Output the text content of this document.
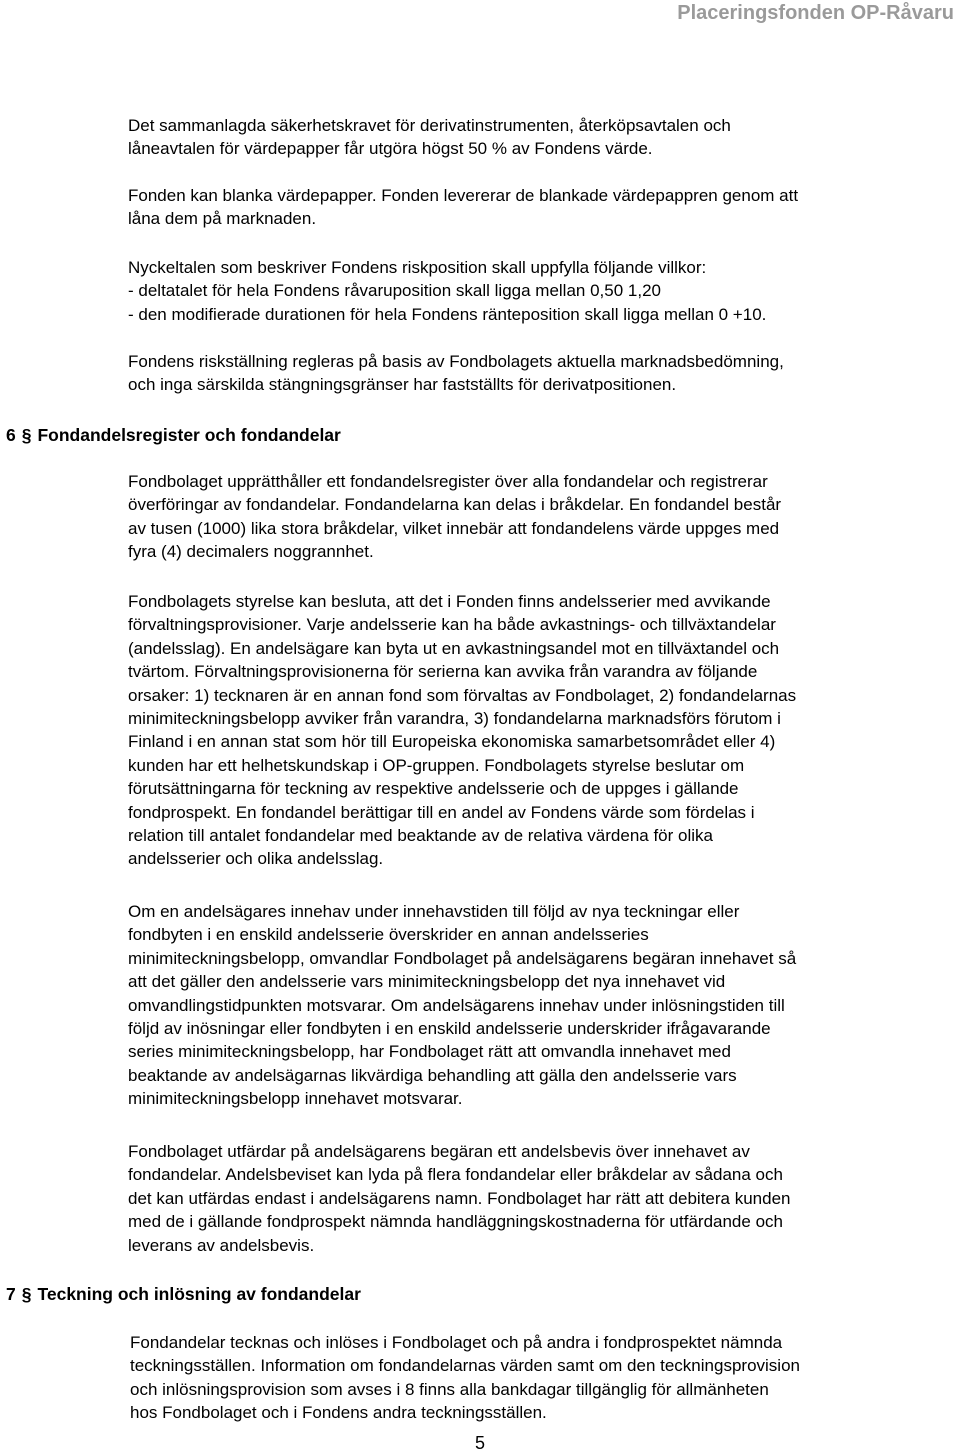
Placeringsfonden OP-Råvaru
Det sammanlagda säkerhetskravet för derivatinstrumenten, återköpsavtalen och
låneavtalen för värdepapper får utgöra högst 50 % av Fondens värde.
Fonden kan blanka värdepapper. Fonden levererar de blankade värdepappren genom att
låna dem på marknaden.
Nyckeltalen som beskriver Fondens riskposition skall uppfylla följande villkor:
- deltatalet för hela Fondens råvaruposition skall ligga mellan 0,50 1,20
- den modifierade durationen för hela Fondens ränteposition skall ligga mellan 0 +10.
Fondens riskställning regleras på basis av Fondbolagets aktuella marknadsbedömning,
och inga särskilda stängningsgränser har fastställts för derivatpositionen.
6 § Fondandelsregister och fondandelar
Fondbolaget upprätthåller ett fondandelsregister över alla fondandelar och registrerar
överföringar av fondandelar. Fondandelarna kan delas i bråkdelar. En fondandel består
av tusen (1000) lika stora bråkdelar, vilket innebär att fondandelens värde uppges med
fyra (4) decimalers noggrannhet.
Fondbolagets styrelse kan besluta, att det i Fonden finns andelsserier med avvikande
förvaltningsprovisioner. Varje andelsserie kan ha både avkastnings- och tillväxtandelar
(andelsslag). En andelsägare kan byta ut en avkastningsandel mot en tillväxtandel och
tvärtom. Förvaltningsprovisionerna för serierna kan avvika från varandra av följande
orsaker: 1) tecknaren är en annan fond som förvaltas av Fondbolaget, 2) fondandelarnas
minimiteckningsbelopp avviker från varandra, 3) fondandelarna marknadsförs förutom i
Finland i en annan stat som hör till Europeiska ekonomiska samarbetsområdet eller 4)
kunden har ett helhetskundskap i OP-gruppen. Fondbolagets styrelse beslutar om
förutsättningarna för teckning av respektive andelsserie och de uppges i gällande
fondprospekt. En fondandel berättigar till en andel av Fondens värde som fördelas i
relation till antalet fondandelar med beaktande av de relativa värdena för olika
andelsserier och olika andelsslag.
Om en andelsägares innehav under innehavstiden till följd av nya teckningar eller
fondbyten i en enskild andelsserie överskrider en annan andelsseries
minimiteckningsbelopp, omvandlar Fondbolaget på andelsägarens begäran innehavet så
att det gäller den andelsserie vars minimiteckningsbelopp det nya innehavet vid
omvandlingstidpunkten motsvarar. Om andelsägarens innehav under inlösningstiden till
följd av inösningar eller fondbyten i en enskild andelsserie underskrider ifrågavarande
series minimiteckningsbelopp, har Fondbolaget rätt att omvandla innehavet med
beaktande av andelsägarnas likvärdiga behandling att gälla den andelsserie vars
minimiteckningsbelopp innehavet motsvarar.
Fondbolaget utfärdar på andelsägarens begäran ett andelsbevis över innehavet av
fondandelar. Andelsbeviset kan lyda på flera fondandelar eller bråkdelar av sådana och
det kan utfärdas endast i andelsägarens namn. Fondbolaget har rätt att debitera kunden
med de i gällande fondprospekt nämnda handläggningskostnaderna för utfärdande och
leverans av andelsbevis.
7 § Teckning och inlösning av fondandelar
Fondandelar tecknas och inlöses i Fondbolaget och på andra i fondprospektet nämnda
teckningsställen. Information om fondandelarnas värden samt om den teckningsprovision
och inlösningsprovision som avses i 8 finns alla bankdagar tillgänglig för allmänheten
hos Fondbolaget och i Fondens andra teckningsställen.
5
